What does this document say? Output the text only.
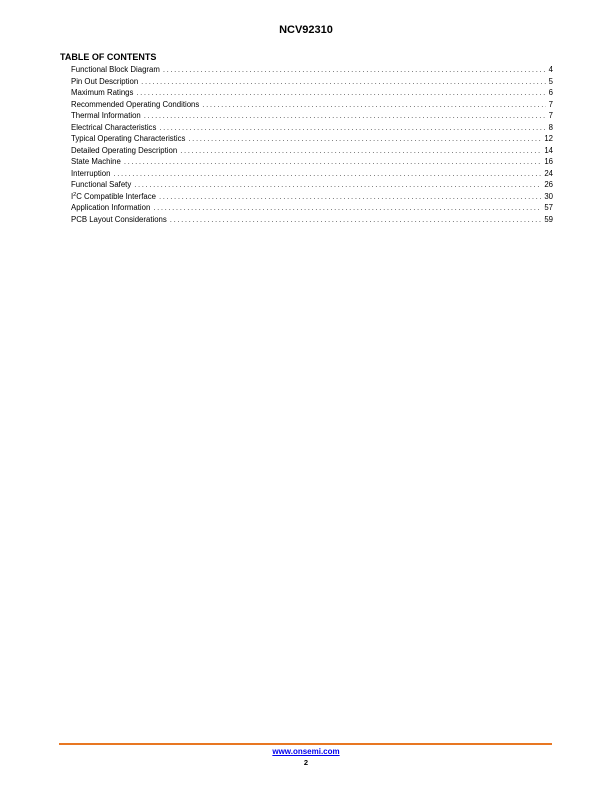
NCV92310
TABLE OF CONTENTS
Functional Block Diagram .....	4
Pin Out Description .....	5
Maximum Ratings .....	6
Recommended Operating Conditions .....	7
Thermal Information .....	7
Electrical Characteristics .....	8
Typical Operating Characteristics .....	12
Detailed Operating Description .....	14
State Machine .....	16
Interruption .....	24
Functional Safety .....	26
$I^2C$ Compatible Interface .....	30
Application Information .....	57
PCB Layout Considerations .....	59
www.onsemi.com
2
